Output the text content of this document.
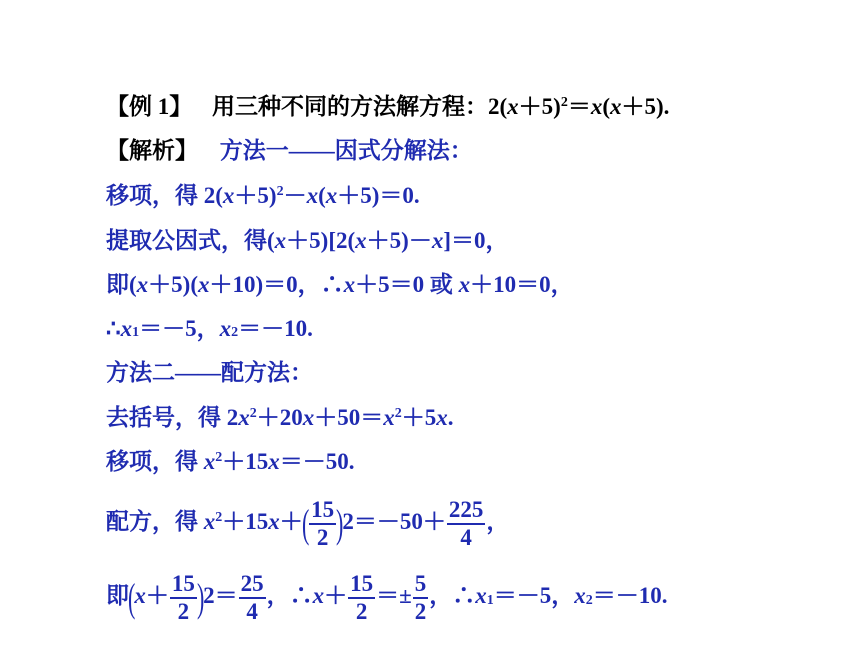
【例 1】 用三种不同的方法解方程：$2(x+5)^2=x(x+5)$.
【解析】 方法一——因式分解法：
移项，得 $2(x+5)^2-x(x+5)=0$.
提取公因式，得(x＋5)[2(x＋5)－x]＝0，
即(x＋5)(x＋10)＝0，∴x＋5＝0 或 x＋10＝0，
$\therefore x_1=-5$，$x_2=-10$.
方法二——配方法：
去括号，得 $2x^2+20x+50=x^2+5x$.
移项，得 $x^2+15x=-50$.
配方，得 $x^2+15x+( \frac{15}{2} )2=-50+ \frac{225}{4}$ ，
即$(x+ \frac{15}{2} )2= \frac{25}{4}$ ，∴x＋ $\frac{15}{2} =\pm \frac{5}{2}$ ，$\therefore x_1=-5$，$x_2=-10$.
